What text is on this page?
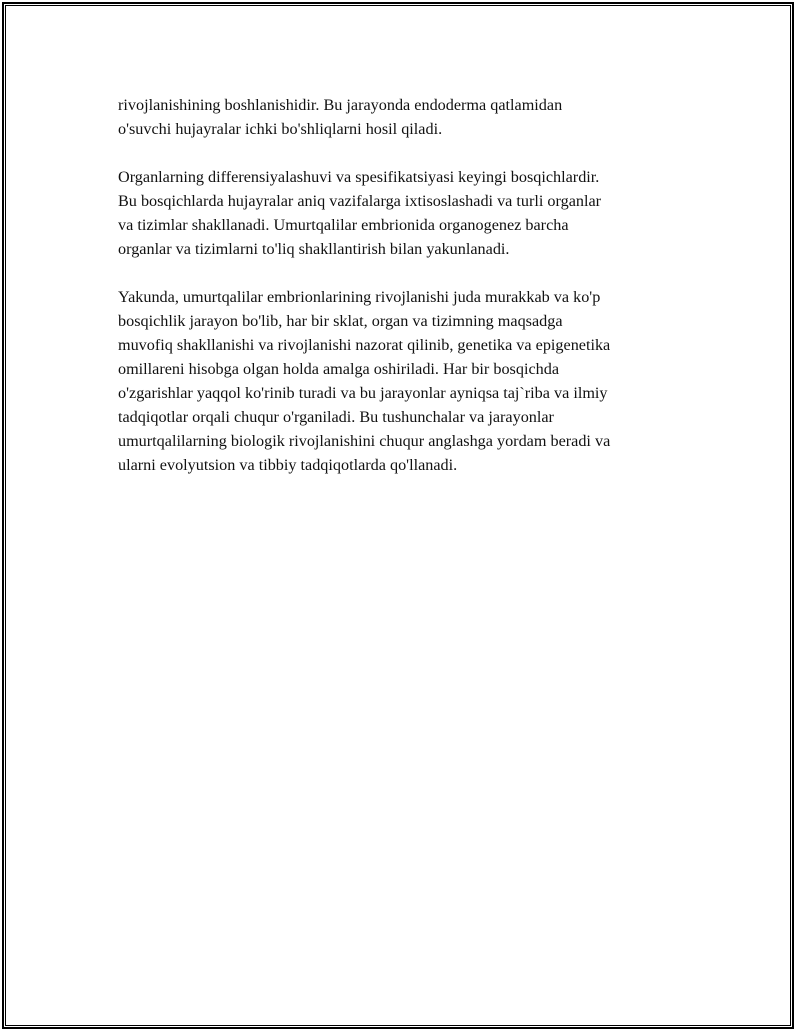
rivojlanishining boshlanishidir. Bu jarayonda endoderma qatlamidan
o'suvchi hujayralar ichki bo'shliqlarni hosil qiladi.

Organlarning differensiyalashuvi va spesifikatsiyasi keyingi bosqichlardir.
Bu bosqichlarda hujayralar aniq vazifalarga ixtisoslashadi va turli organlar
va tizimlar shakllanadi. Umurtqalilar embrionida organogenez barcha
organlar va tizimlarni to'liq shakllantirish bilan yakunlanadi.

Yakunda, umurtqalilar embrionlarining rivojlanishi juda murakkab va ko'p
bosqichlik jarayon bo'lib, har bir sklat, organ va tizimning maqsadga
muvofiq shakllanishi va rivojlanishi nazorat qilinib, genetika va epigenetika
omillareni hisobga olgan holda amalga oshiriladi. Har bir bosqichda
o'zgarishlar yaqqol ko'rinib turadi va bu jarayonlar ayniqsa taj`riba va ilmiy
tadqiqotlar orqali chuqur o'rganiladi. Bu tushunchalar va jarayonlar
umurtqalilarning biologik rivojlanishini chuqur anglashga yordam beradi va
ularni evolyutsion va tibbiy tadqiqotlarda qo'llanadi.
